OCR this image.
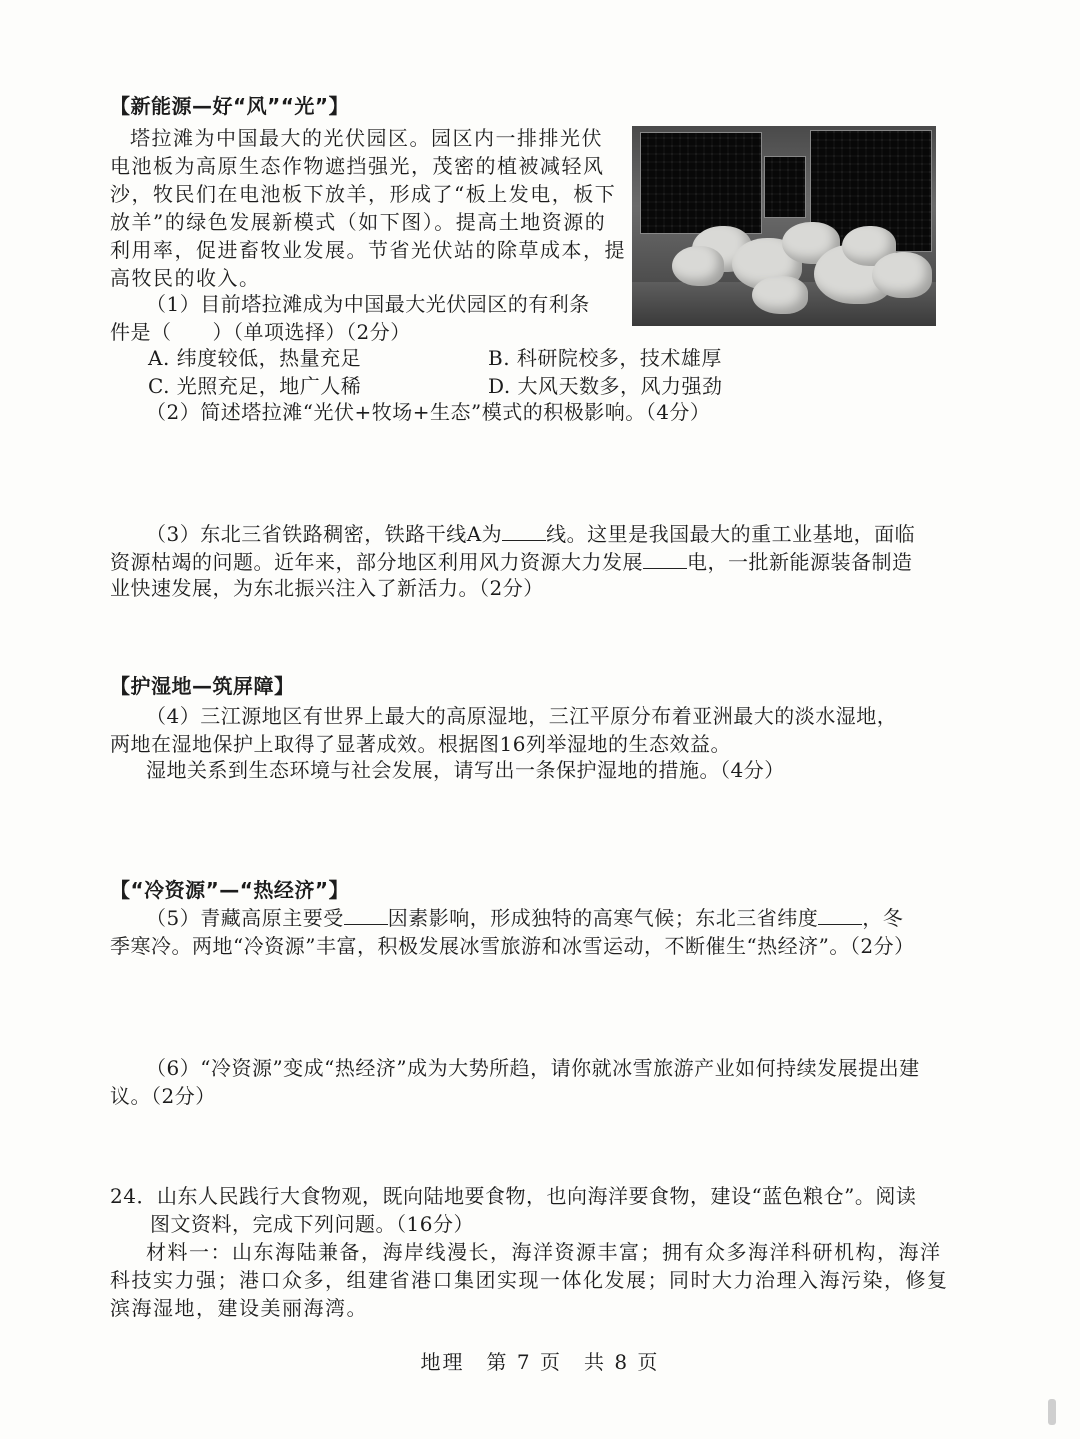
【新能源—好“风”“光”】
塔拉滩为中国最大的光伏园区。园区内一排排光伏
电池板为高原生态作物遮挡强光，茂密的植被减轻风
沙，牧民们在电池板下放羊，形成了“板上发电，板下
放羊”的绿色发展新模式（如下图）。提高土地资源的
利用率，促进畜牧业发展。节省光伏站的除草成本，提
高牧民的收入。
（1）目前塔拉滩成为中国最大光伏园区的有利条
件是（　　）（单项选择）（2分）
A. 纬度较低，热量充足	B. 科研院校多，技术雄厚
C. 光照充足，地广人稀	D. 大风天数多，风力强劲
（2）简述塔拉滩“光伏+牧场+生态”模式的积极影响。（4分）
（3）东北三省铁路稠密，铁路干线A为 线。这里是我国最大的重工业基地，面临
资源枯竭的问题。近年来，部分地区利用风力资源大力发展 电，一批新能源装备制造
业快速发展，为东北振兴注入了新活力。（2分）
【护湿地—筑屏障】
（4）三江源地区有世界上最大的高原湿地，三江平原分布着亚洲最大的淡水湿地，
两地在湿地保护上取得了显著成效。根据图16列举湿地的生态效益。
湿地关系到生态环境与社会发展，请写出一条保护湿地的措施。（4分）
【“冷资源”—“热经济”】
（5）青藏高原主要受 因素影响，形成独特的高寒气候；东北三省纬度 ，冬
季寒冷。两地“冷资源”丰富，积极发展冰雪旅游和冰雪运动，不断催生“热经济”。（2分）
（6）“冷资源”变成“热经济”成为大势所趋，请你就冰雪旅游产业如何持续发展提出建
议。（2分）
24．山东人民践行大食物观，既向陆地要食物，也向海洋要食物，建设“蓝色粮仓”。阅读
图文资料，完成下列问题。（16分）
材料一：山东海陆兼备，海岸线漫长，海洋资源丰富；拥有众多海洋科研机构，海洋
科技实力强；港口众多，组建省港口集团实现一体化发展；同时大力治理入海污染，修复
滨海湿地，建设美丽海湾。
地理　第 7 页　共 8 页
